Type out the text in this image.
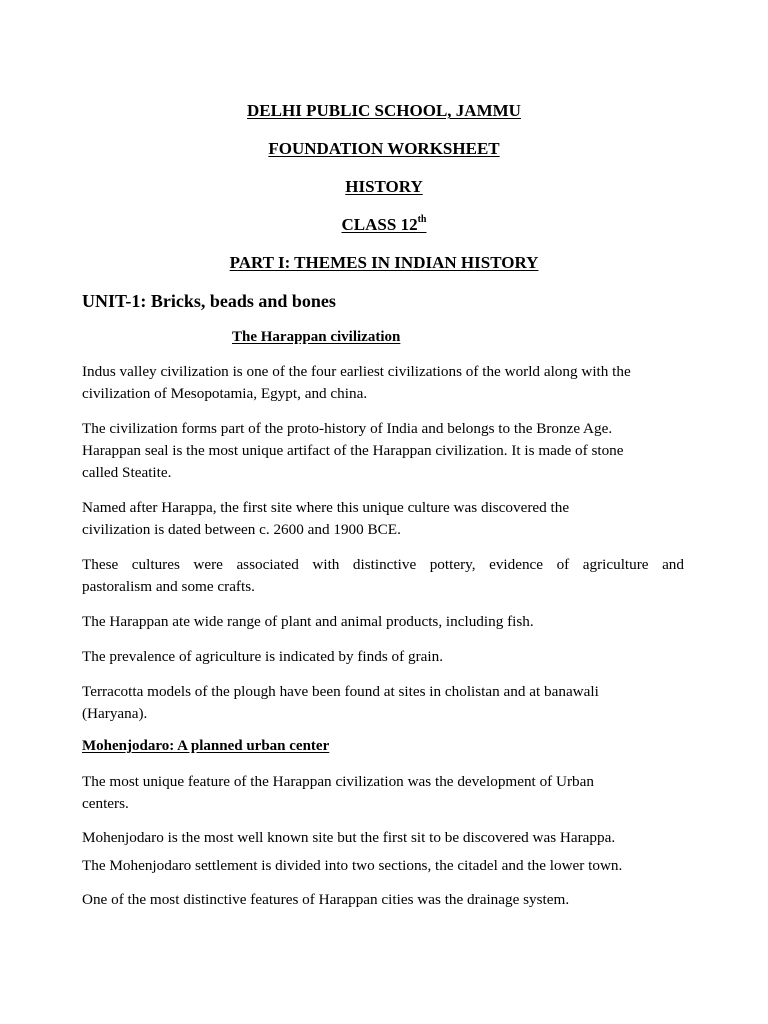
DELHI PUBLIC SCHOOL, JAMMU
FOUNDATION WORKSHEET
HISTORY
CLASS 12th
PART I: THEMES IN INDIAN HISTORY
UNIT-1: Bricks, beads and bones
The Harappan civilization
Indus valley civilization is one of the four earliest civilizations of the world along with the
civilization of Mesopotamia, Egypt, and china.
The civilization forms part of the proto-history of India and belongs to the Bronze Age.
Harappan seal is the most unique artifact of the Harappan civilization. It is made of stone
called Steatite.
Named after Harappa, the first site where this unique culture was discovered the
civilization is dated between c. 2600 and 1900 BCE.
These cultures were associated with distinctive pottery, evidence of agriculture and
pastoralism and some crafts.
The Harappan ate wide range of plant and animal products, including fish.
The prevalence of agriculture is indicated by finds of grain.
Terracotta models of the plough have been found at sites in cholistan and at banawali
(Haryana).
Mohenjodaro: A planned urban center
The most unique feature of the Harappan civilization was the development of Urban
centers.
Mohenjodaro is the most well known site but the first sit to be discovered was Harappa.
The Mohenjodaro settlement is divided into two sections, the citadel and the lower town.
One of the most distinctive features of Harappan cities was the drainage system.
